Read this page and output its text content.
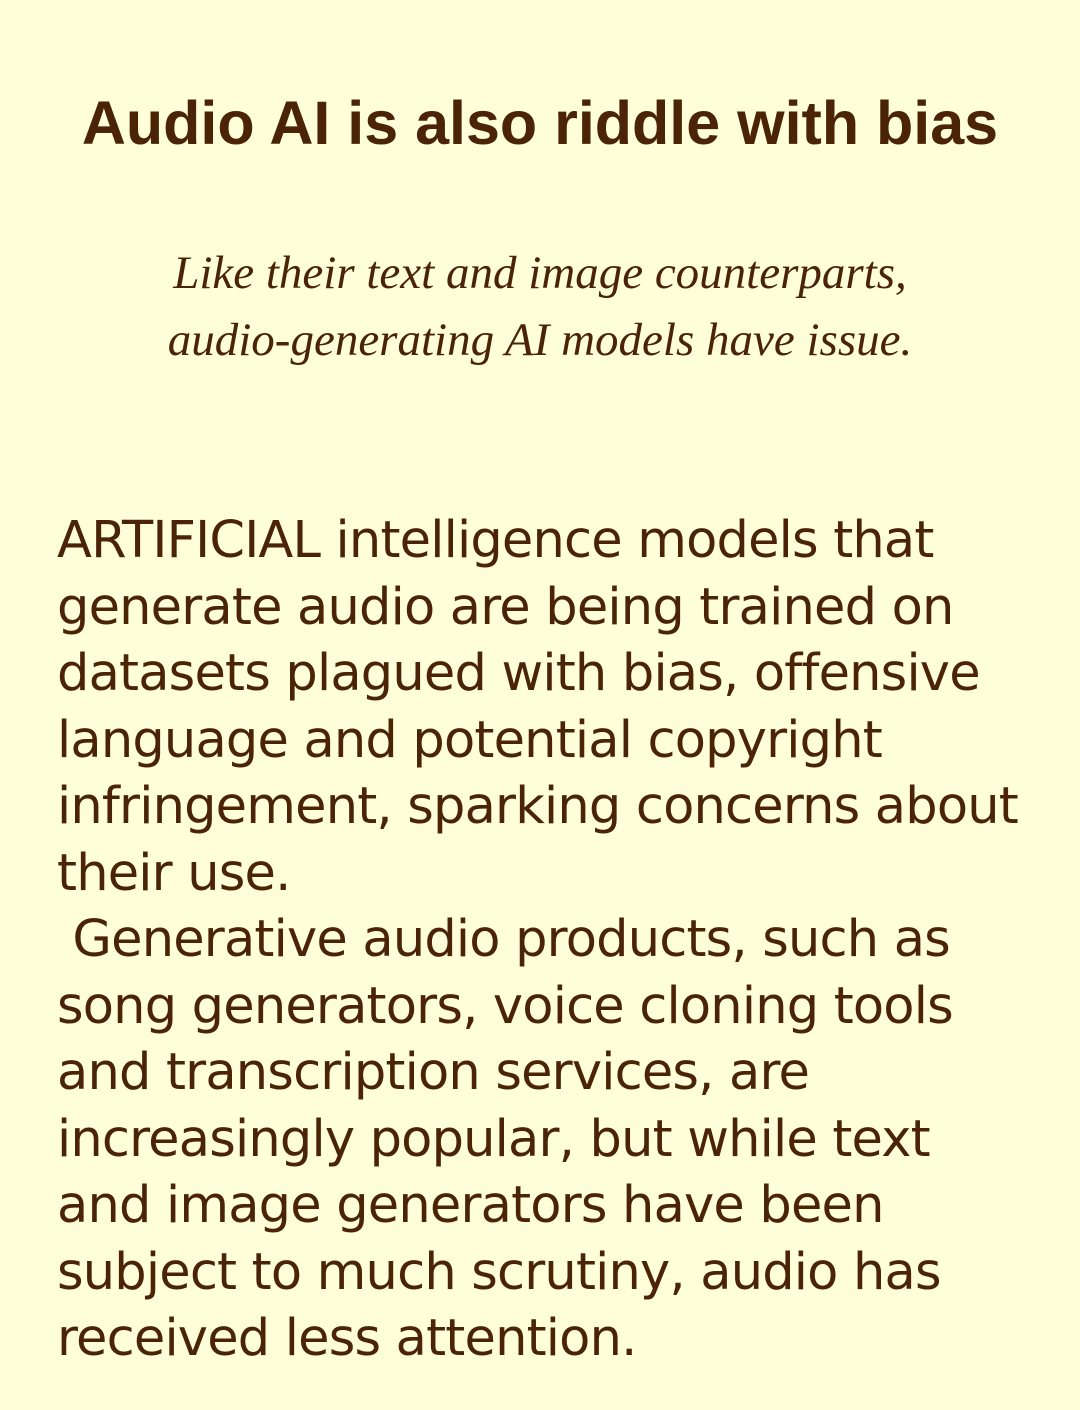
Audio AI is also riddle with bias
Like their text and image counterparts,
audio-generating AI models have issue.
ARTIFICIAL intelligence models that
generate audio are being trained on
datasets plagued with bias, offensive
language and potential copyright
infringement, sparking concerns about
their use.
Generative audio products, such as
song generators, voice cloning tools
and transcription services, are
increasingly popular, but while text
and image generators have been
subject to much scrutiny, audio has
received less attention.
